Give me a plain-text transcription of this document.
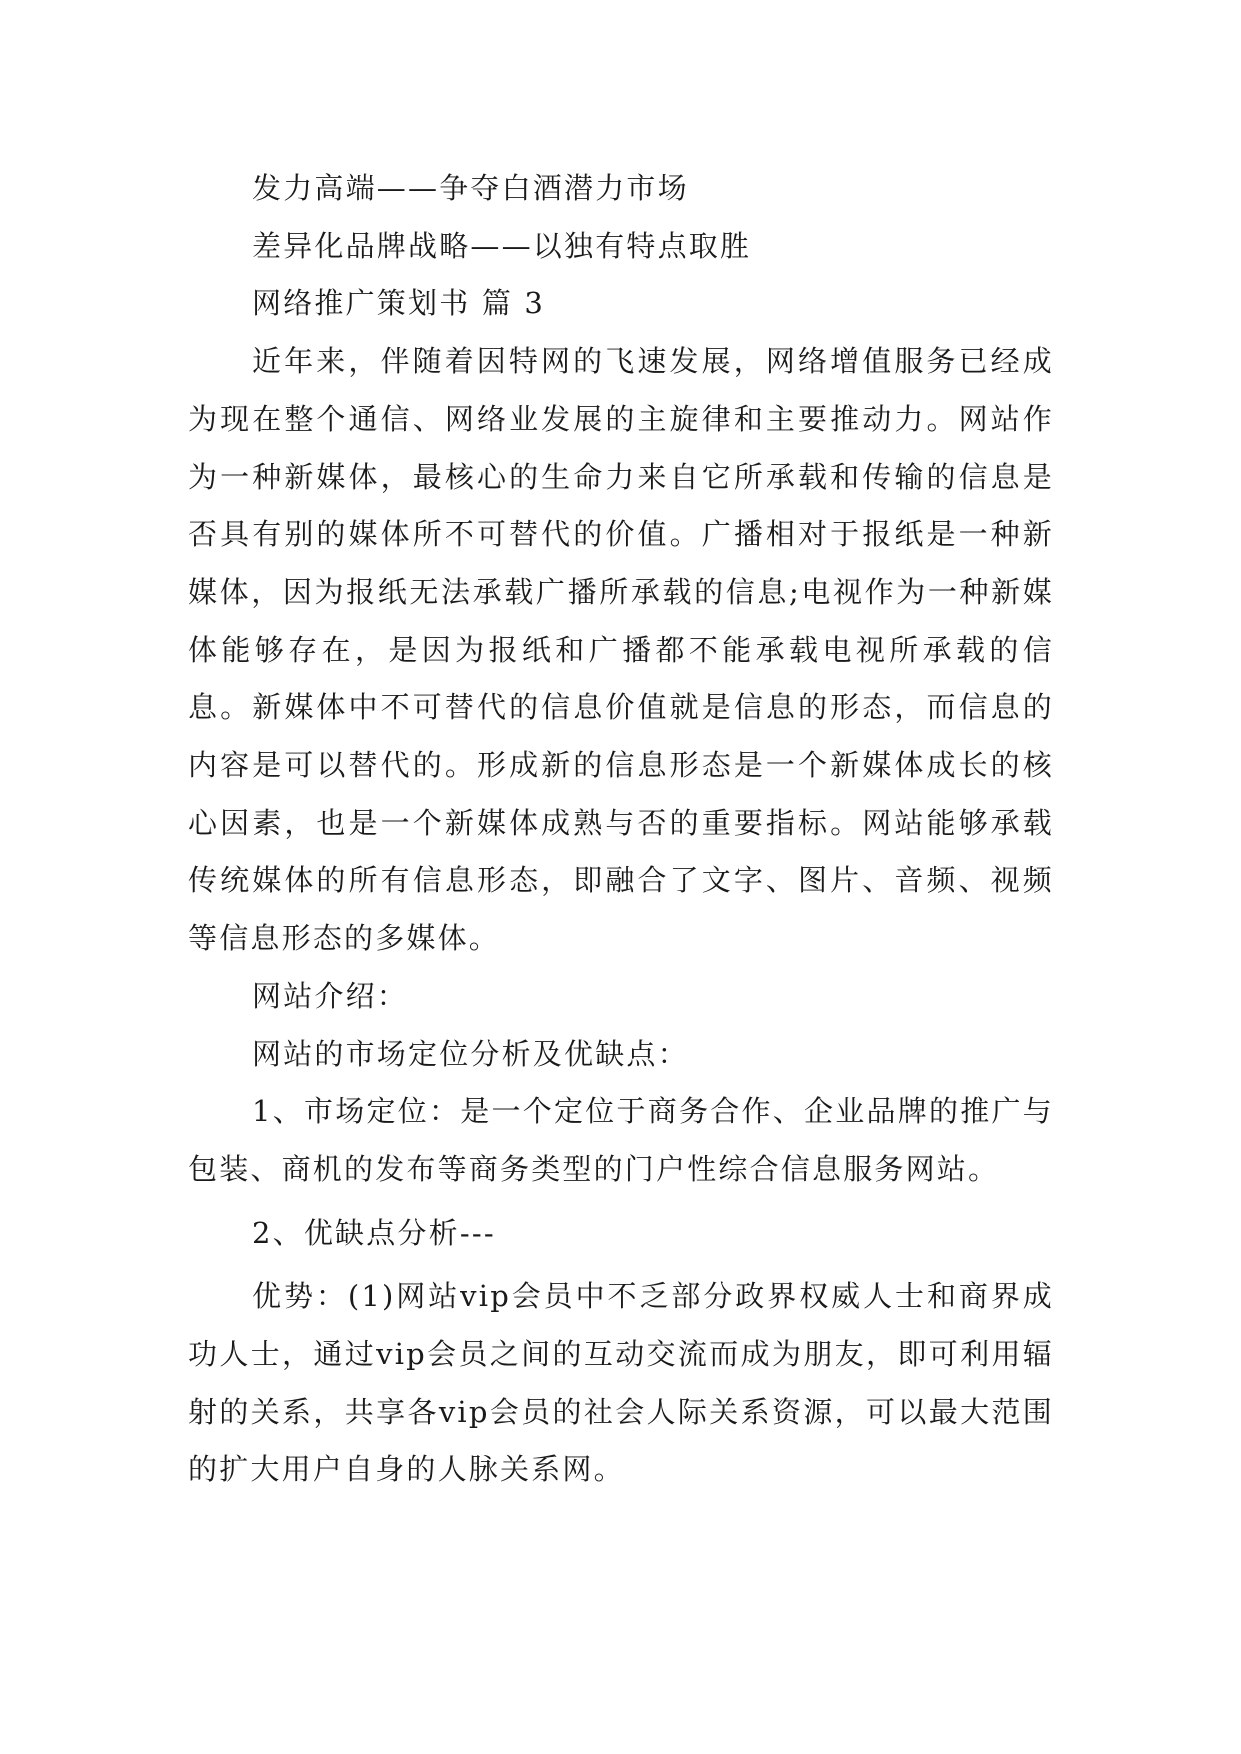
发力高端——争夺白酒潜力市场

差异化品牌战略——以独有特点取胜

网络推广策划书 篇 3

近年来，伴随着因特网的飞速发展，网络增值服务已经成为现在整个通信、网络业发展的主旋律和主要推动力。网站作为一种新媒体，最核心的生命力来自它所承载和传输的信息是否具有别的媒体所不可替代的价值。广播相对于报纸是一种新媒体，因为报纸无法承载广播所承载的信息;电视作为一种新媒体能够存在，是因为报纸和广播都不能承载电视所承载的信息。新媒体中不可替代的信息价值就是信息的形态，而信息的内容是可以替代的。形成新的信息形态是一个新媒体成长的核心因素，也是一个新媒体成熟与否的重要指标。网站能够承载传统媒体的所有信息形态，即融合了文字、图片、音频、视频等信息形态的多媒体。

网站介绍：

网站的市场定位分析及优缺点：

1、市场定位：是一个定位于商务合作、企业品牌的推广与包装、商机的发布等商务类型的门户性综合信息服务网站。

2、优缺点分析---

优势：(1)网站vip会员中不乏部分政界权威人士和商界成功人士，通过vip会员之间的互动交流而成为朋友，即可利用辐射的关系，共享各vip会员的社会人际关系资源，可以最大范围的扩大用户自身的人脉关系网。
